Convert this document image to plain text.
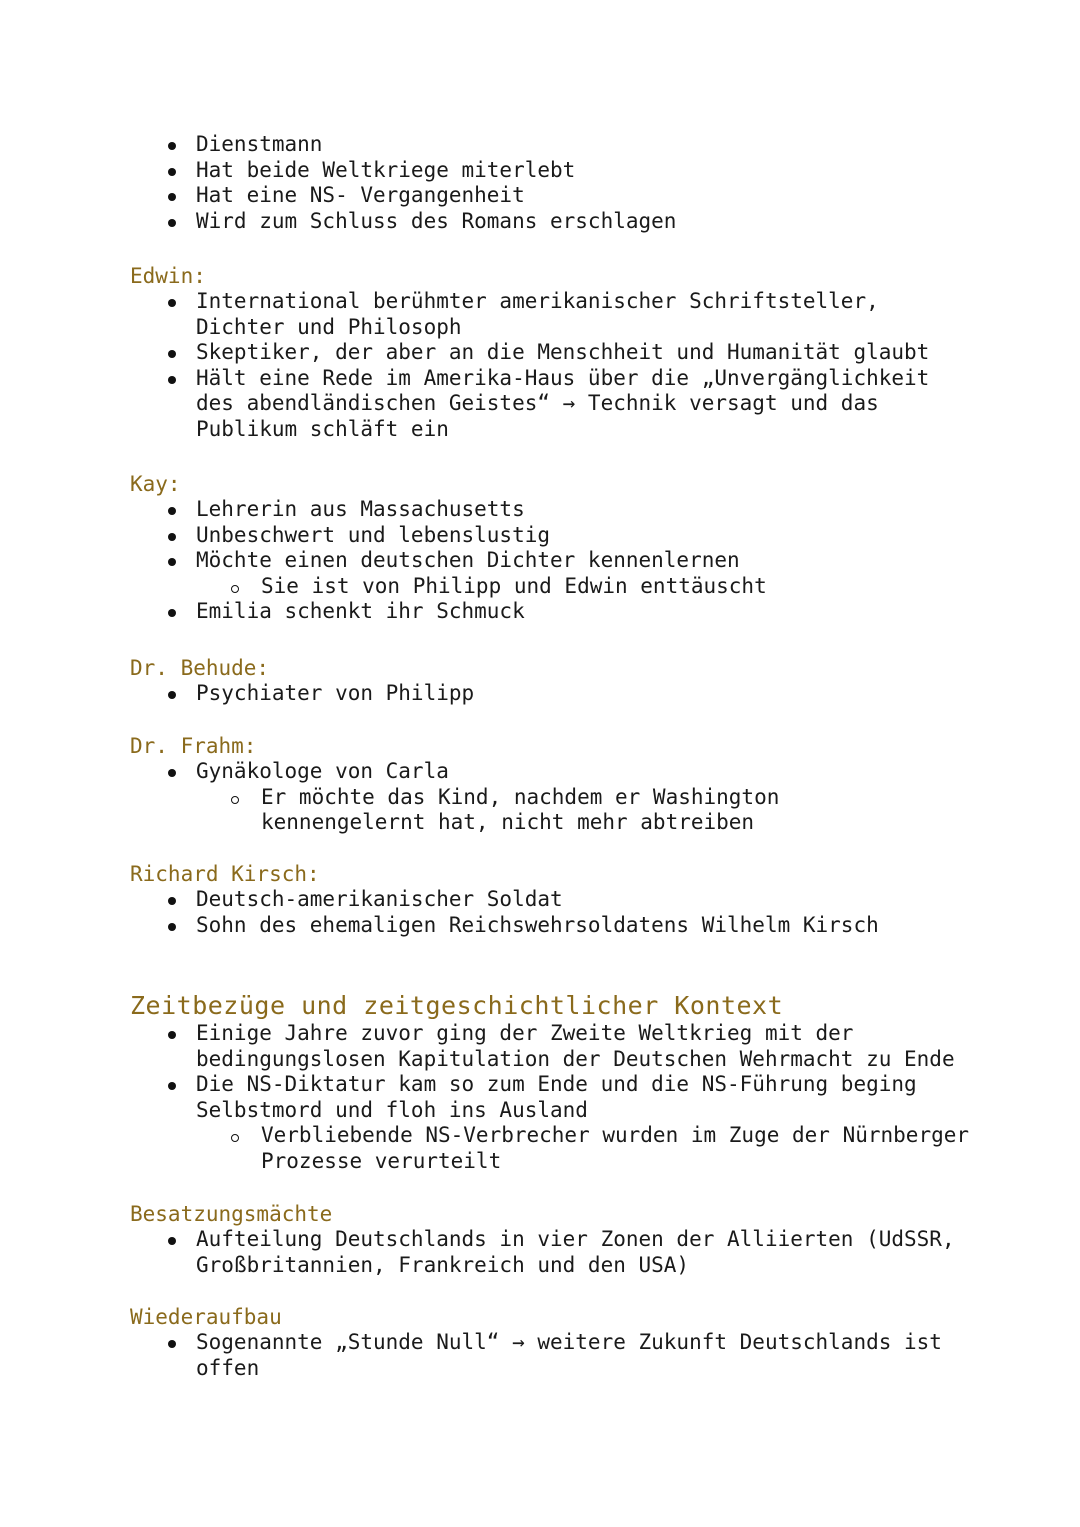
Dienstmann
Hat beide Weltkriege miterlebt
Hat eine NS- Vergangenheit
Wird zum Schluss des Romans erschlagen
Edwin:
International berühmter amerikanischer Schriftsteller, Dichter und Philosoph
Skeptiker, der aber an die Menschheit und Humanität glaubt
Hält eine Rede im Amerika-Haus über die „Unvergänglichkeit des abendländischen Geistes“ → Technik versagt und das Publikum schläft ein
Kay:
Lehrerin aus Massachusetts
Unbeschwert und lebenslustig
Möchte einen deutschen Dichter kennenlernen
Sie ist von Philipp und Edwin enttäuscht
Emilia schenkt ihr Schmuck
Dr. Behude:
Psychiater von Philipp
Dr. Frahm:
Gynäkologe von Carla
Er möchte das Kind, nachdem er Washington kennengelernt hat, nicht mehr abtreiben
Richard Kirsch:
Deutsch-amerikanischer Soldat
Sohn des ehemaligen Reichswehrsoldatens Wilhelm Kirsch
Zeitbezüge und zeitgeschichtlicher Kontext
Einige Jahre zuvor ging der Zweite Weltkrieg mit der bedingungslosen Kapitulation der Deutschen Wehrmacht zu Ende
Die NS-Diktatur kam so zum Ende und die NS-Führung beging Selbstmord und floh ins Ausland
Verbliebende NS-Verbrecher wurden im Zuge der Nürnberger Prozesse verurteilt
Besatzungsmächte
Aufteilung Deutschlands in vier Zonen der Alliierten (UdSSR, Großbritannien, Frankreich und den USA)
Wiederaufbau
Sogenannte „Stunde Null“ → weitere Zukunft Deutschlands ist offen
